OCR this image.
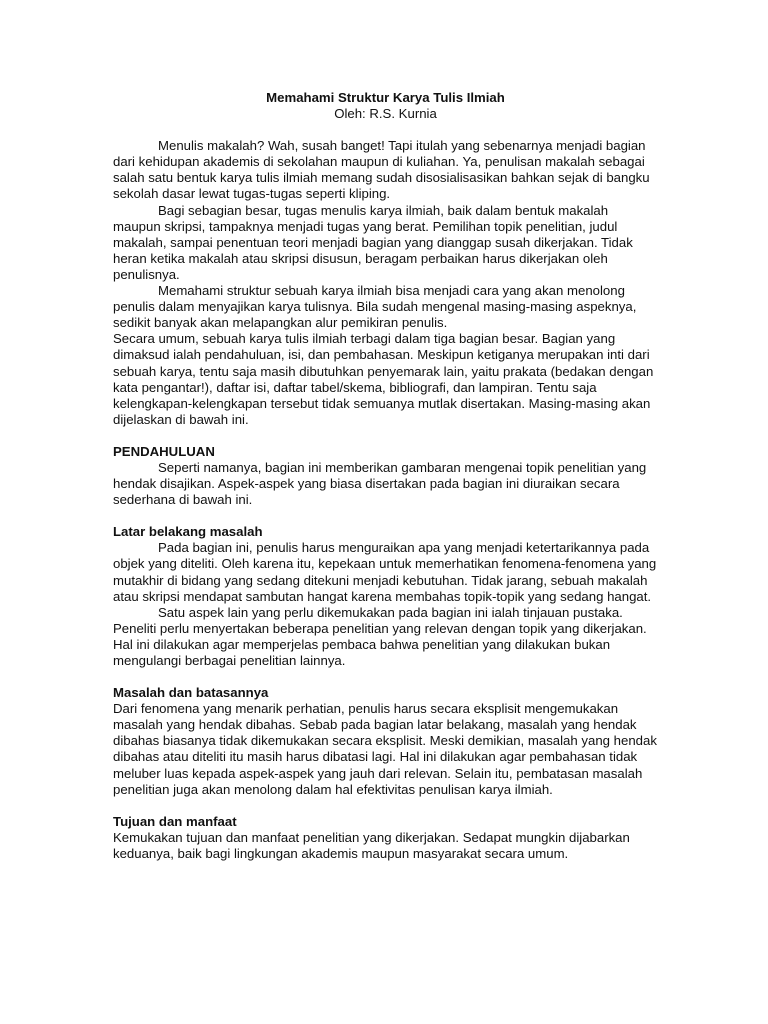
Memahami Struktur Karya Tulis Ilmiah

Oleh: R.S. Kurnia

Menulis makalah? Wah, susah banget! Tapi itulah yang sebenarnya menjadi bagian dari kehidupan akademis di sekolahan maupun di kuliahan. Ya, penulisan makalah sebagai salah satu bentuk karya tulis ilmiah memang sudah disosialisasikan bahkan sejak di bangku sekolah dasar lewat tugas-tugas seperti kliping.

Bagi sebagian besar, tugas menulis karya ilmiah, baik dalam bentuk makalah maupun skripsi, tampaknya menjadi tugas yang berat. Pemilihan topik penelitian, judul makalah, sampai penentuan teori menjadi bagian yang dianggap susah dikerjakan. Tidak heran ketika makalah atau skripsi disusun, beragam perbaikan harus dikerjakan oleh penulisnya.

Memahami struktur sebuah karya ilmiah bisa menjadi cara yang akan menolong penulis dalam menyajikan karya tulisnya. Bila sudah mengenal masing-masing aspeknya, sedikit banyak akan melapangkan alur pemikiran penulis.

Secara umum, sebuah karya tulis ilmiah terbagi dalam tiga bagian besar. Bagian yang dimaksud ialah pendahuluan, isi, dan pembahasan. Meskipun ketiganya merupakan inti dari sebuah karya, tentu saja masih dibutuhkan penyemarak lain, yaitu prakata (bedakan dengan kata pengantar!), daftar isi, daftar tabel/skema, bibliografi, dan lampiran. Tentu saja kelengkapan-kelengkapan tersebut tidak semuanya mutlak disertakan. Masing-masing akan dijelaskan di bawah ini.

PENDAHULUAN

Seperti namanya, bagian ini memberikan gambaran mengenai topik penelitian yang hendak disajikan. Aspek-aspek yang biasa disertakan pada bagian ini diuraikan secara sederhana di bawah ini.

Latar belakang masalah

Pada bagian ini, penulis harus menguraikan apa yang menjadi ketertarikannya pada objek yang diteliti. Oleh karena itu, kepekaan untuk memerhatikan fenomena-fenomena yang mutakhir di bidang yang sedang ditekuni menjadi kebutuhan. Tidak jarang, sebuah makalah atau skripsi mendapat sambutan hangat karena membahas topik-topik yang sedang hangat.

Satu aspek lain yang perlu dikemukakan pada bagian ini ialah tinjauan pustaka. Peneliti perlu menyertakan beberapa penelitian yang relevan dengan topik yang dikerjakan. Hal ini dilakukan agar memperjelas pembaca bahwa penelitian yang dilakukan bukan mengulangi berbagai penelitian lainnya.

Masalah dan batasannya

Dari fenomena yang menarik perhatian, penulis harus secara eksplisit mengemukakan masalah yang hendak dibahas. Sebab pada bagian latar belakang, masalah yang hendak dibahas biasanya tidak dikemukakan secara eksplisit. Meski demikian, masalah yang hendak dibahas atau diteliti itu masih harus dibatasi lagi. Hal ini dilakukan agar pembahasan tidak meluber luas kepada aspek-aspek yang jauh dari relevan. Selain itu, pembatasan masalah penelitian juga akan menolong dalam hal efektivitas penulisan karya ilmiah.

Tujuan dan manfaat

Kemukakan tujuan dan manfaat penelitian yang dikerjakan. Sedapat mungkin dijabarkan keduanya, baik bagi lingkungan akademis maupun masyarakat secara umum.
